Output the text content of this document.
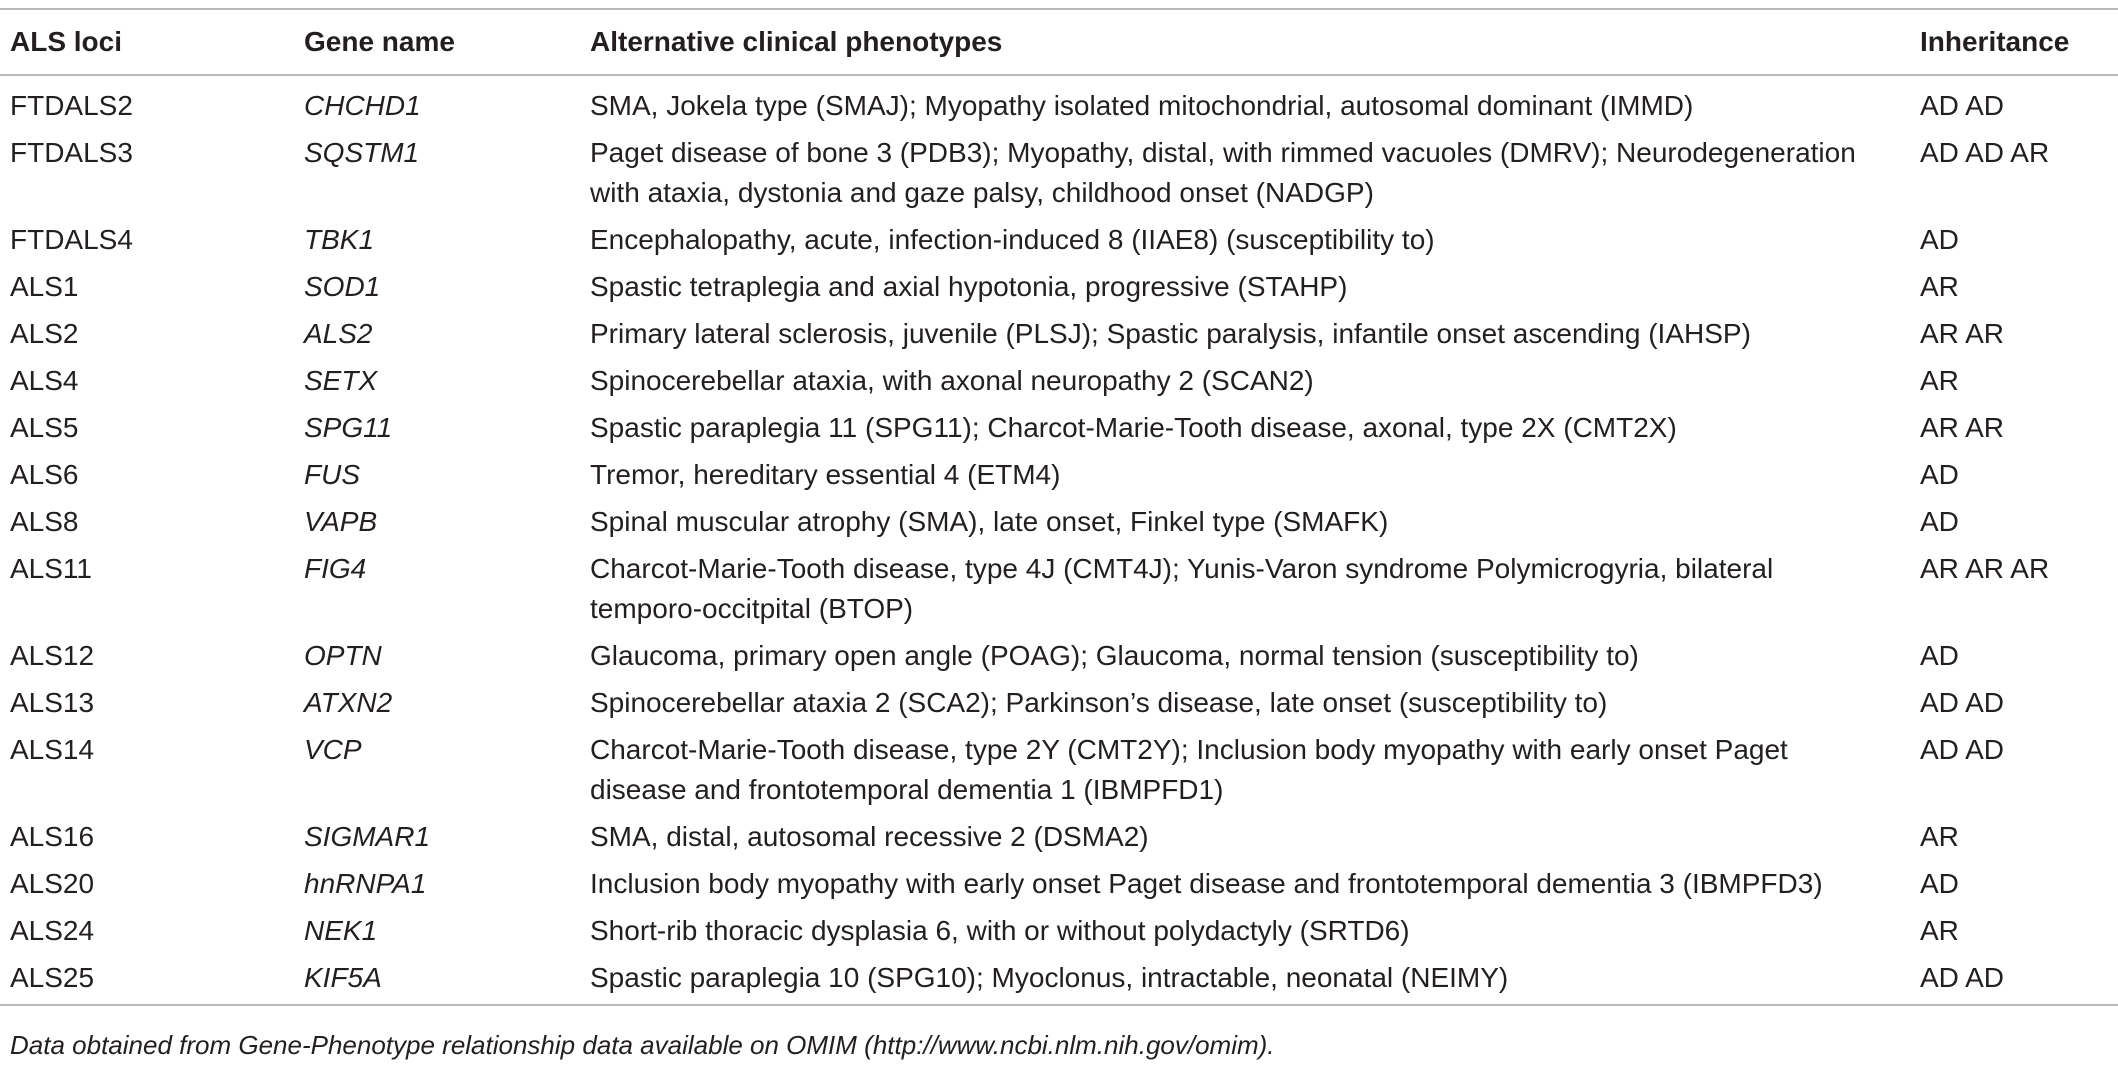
ALS loci	Gene name	Alternative clinical phenotypes	Inheritance
FTDALS2	CHCHD1	SMA, Jokela type (SMAJ); Myopathy isolated mitochondrial, autosomal dominant (IMMD)	AD AD
FTDALS3	SQSTM1	Paget disease of bone 3 (PDB3); Myopathy, distal, with rimmed vacuoles (DMRV); Neurodegeneration with ataxia, dystonia and gaze palsy, childhood onset (NADGP)	AD AD AR
FTDALS4	TBK1	Encephalopathy, acute, infection-induced 8 (IIAE8) (susceptibility to)	AD
ALS1	SOD1	Spastic tetraplegia and axial hypotonia, progressive (STAHP)	AR
ALS2	ALS2	Primary lateral sclerosis, juvenile (PLSJ); Spastic paralysis, infantile onset ascending (IAHSP)	AR AR
ALS4	SETX	Spinocerebellar ataxia, with axonal neuropathy 2 (SCAN2)	AR
ALS5	SPG11	Spastic paraplegia 11 (SPG11); Charcot-Marie-Tooth disease, axonal, type 2X (CMT2X)	AR AR
ALS6	FUS	Tremor, hereditary essential 4 (ETM4)	AD
ALS8	VAPB	Spinal muscular atrophy (SMA), late onset, Finkel type (SMAFK)	AD
ALS11	FIG4	Charcot-Marie-Tooth disease, type 4J (CMT4J); Yunis-Varon syndrome Polymicrogyria, bilateral temporo-occitpital (BTOP)	AR AR AR
ALS12	OPTN	Glaucoma, primary open angle (POAG); Glaucoma, normal tension (susceptibility to)	AD
ALS13	ATXN2	Spinocerebellar ataxia 2 (SCA2); Parkinson’s disease, late onset (susceptibility to)	AD AD
ALS14	VCP	Charcot-Marie-Tooth disease, type 2Y (CMT2Y); Inclusion body myopathy with early onset Paget disease and frontotemporal dementia 1 (IBMPFD1)	AD AD
ALS16	SIGMAR1	SMA, distal, autosomal recessive 2 (DSMA2)	AR
ALS20	hnRNPA1	Inclusion body myopathy with early onset Paget disease and frontotemporal dementia 3 (IBMPFD3)	AD
ALS24	NEK1	Short-rib thoracic dysplasia 6, with or without polydactyly (SRTD6)	AR
ALS25	KIF5A	Spastic paraplegia 10 (SPG10); Myoclonus, intractable, neonatal (NEIMY)	AD AD
Data obtained from Gene-Phenotype relationship data available on OMIM (http://www.ncbi.nlm.nih.gov/omim).
